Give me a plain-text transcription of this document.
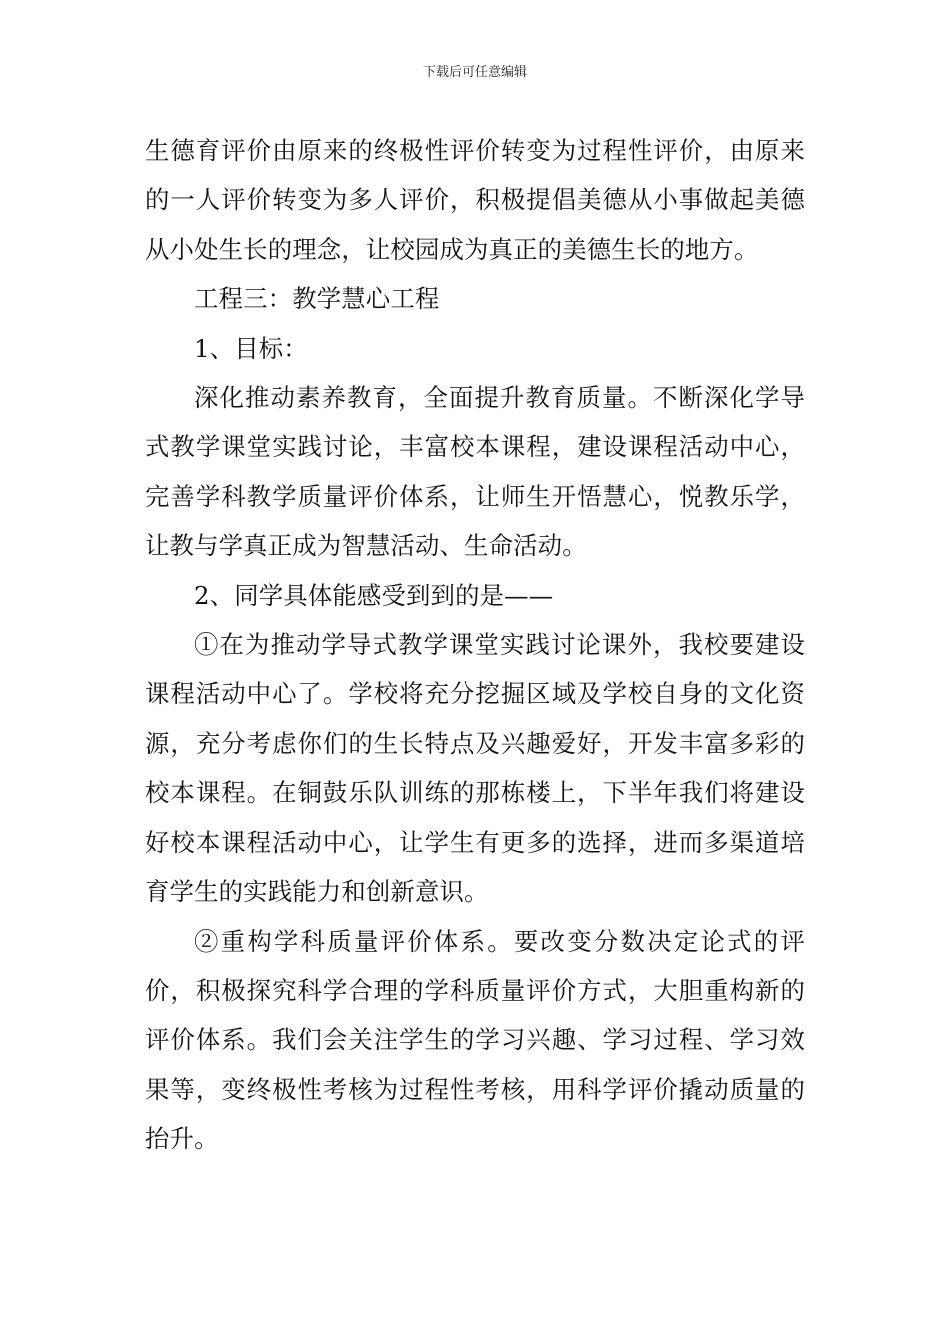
下载后可任意编辑

生德育评价由原来的终极性评价转变为过程性评价，由原来的一人评价转变为多人评价，积极提倡美德从小事做起美德从小处生长的理念，让校园成为真正的美德生长的地方。

工程三：教学慧心工程

1、目标：

深化推动素养教育，全面提升教育质量。不断深化学导式教学课堂实践讨论，丰富校本课程，建设课程活动中心，完善学科教学质量评价体系，让师生开悟慧心，悦教乐学，让教与学真正成为智慧活动、生命活动。

2、同学具体能感受到到的是——

①在为推动学导式教学课堂实践讨论课外，我校要建设课程活动中心了。学校将充分挖掘区域及学校自身的文化资源，充分考虑你们的生长特点及兴趣爱好，开发丰富多彩的校本课程。在铜鼓乐队训练的那栋楼上，下半年我们将建设好校本课程活动中心，让学生有更多的选择，进而多渠道培育学生的实践能力和创新意识。

②重构学科质量评价体系。要改变分数决定论式的评价，积极探究科学合理的学科质量评价方式，大胆重构新的评价体系。我们会关注学生的学习兴趣、学习过程、学习效果等，变终极性考核为过程性考核，用科学评价撬动质量的抬升。
